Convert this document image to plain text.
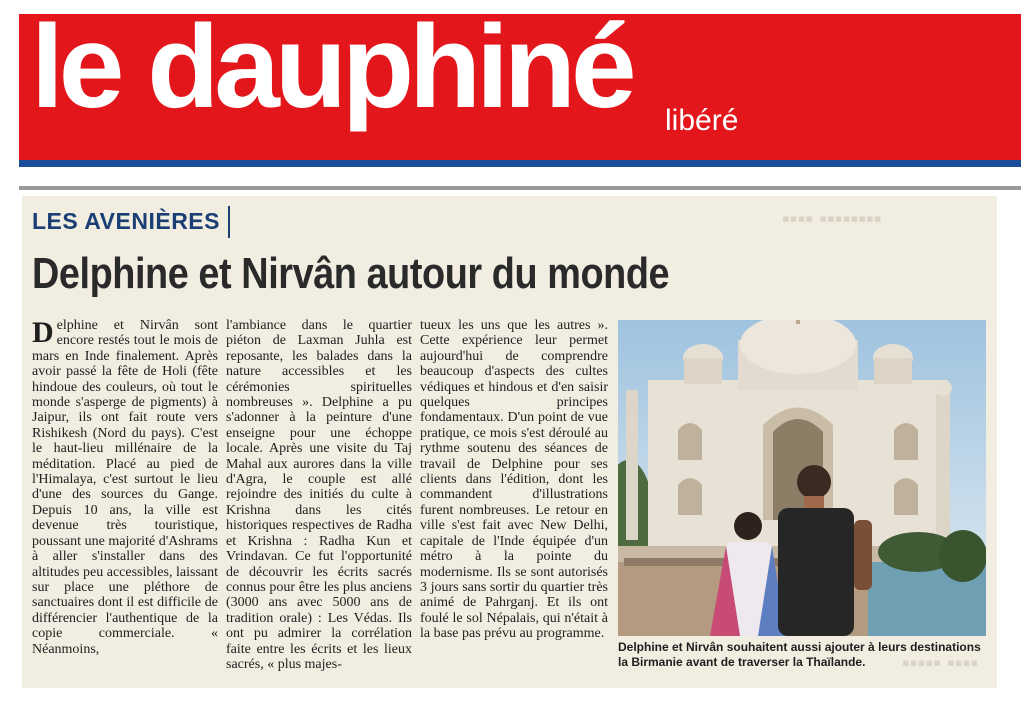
le dauphiné libéré
▪▪▪▪ ▪▪▪▪▪▪▪▪
▪▪▪▪▪ ▪▪▪▪
LES AVENIÈRES
Delphine et Nirvân autour du monde
Delphine et Nirvân sont encore restés tout le mois de mars en Inde finalement. Après avoir passé la fête de Holi (fête hindoue des couleurs, où tout le monde s'asperge de pigments) à Jaipur, ils ont fait route vers Rishikesh (Nord du pays). C'est le haut-lieu millénaire de la méditation. Placé au pied de l'Himalaya, c'est surtout le lieu d'une des sources du Gange. Depuis 10 ans, la ville est devenue très touristique, poussant une majorité d'Ashrams à aller s'installer dans des altitudes peu accessibles, laissant sur place une pléthore de sanctuaires dont il est difficile de différencier l'authentique de la copie commerciale. « Néanmoins,
l'ambiance dans le quartier piéton de Laxman Juhla est reposante, les balades dans la nature accessibles et les cérémonies spirituelles nombreuses ». Delphine a pu s'adonner à la peinture d'une enseigne pour une échoppe locale. Après une visite du Taj Mahal aux aurores dans la ville d'Agra, le couple est allé rejoindre des initiés du culte à Krishna dans les cités historiques respectives de Radha et Krishna : Radha Kun et Vrindavan. Ce fut l'opportunité de découvrir les écrits sacrés connus pour être les plus anciens (3000 ans avec 5000 ans de tradition orale) : Les Védas. Ils ont pu admirer la corrélation faite entre les écrits et les lieux sacrés, « plus majes-
tueux les uns que les autres ». Cette expérience leur permet aujourd'hui de comprendre beaucoup d'aspects des cultes védiques et hindous et d'en saisir quelques principes fondamentaux. D'un point de vue pratique, ce mois s'est déroulé au rythme soutenu des séances de travail de Delphine pour ses clients dans l'édition, dont les commandent d'illustrations furent nombreuses. Le retour en ville s'est fait avec New Delhi, capitale de l'Inde équipée d'un métro à la pointe du modernisme. Ils se sont autorisés 3 jours sans sortir du quartier très animé de Pahrganj. Et ils ont foulé le sol Népalais, qui n'était à la base pas prévu au programme.
Delphine et Nirvân souhaitent aussi ajouter à leurs destinations la Birmanie avant de traverser la Thaïlande.
